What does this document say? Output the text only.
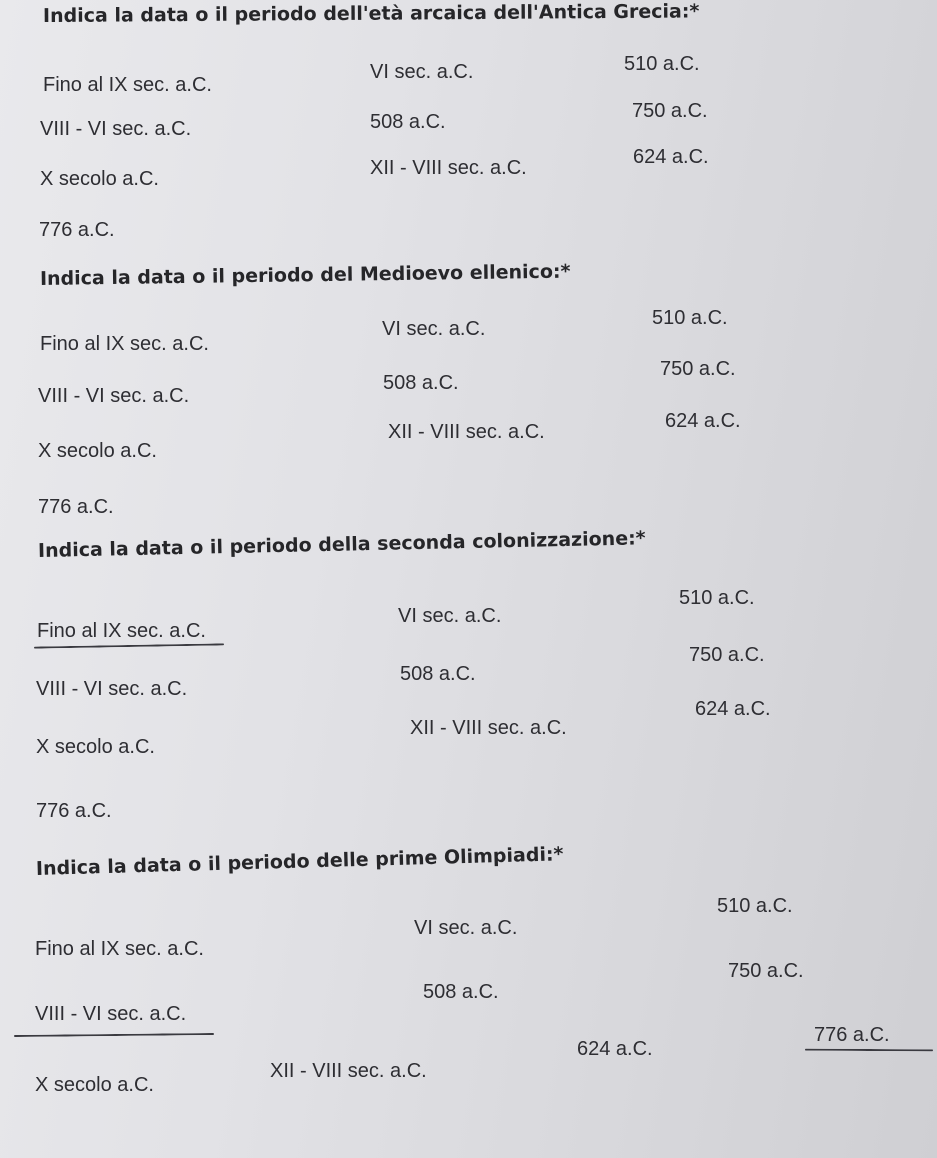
Indica la data o il periodo dell'età arcaica dell'Antica Grecia:*
Fino al IX sec. a.C.
VI sec. a.C.	510 a.C.
VIII - VI sec. a.C.	508 a.C.	750 a.C.
X secolo a.C.	XII - VIII sec. a.C.	624 a.C.
776 a.C.
Indica la data o il periodo del Medioevo ellenico:*
Fino al IX sec. a.C.
VI sec. a.C.	510 a.C.
VIII - VI sec. a.C.
508 a.C.
750 a.C.
X secolo a.C.
XII - VIII sec. a.C.	624 a.C.
776 a.C.
Indica la data o il periodo della seconda colonizzazione:*
Fino al IX sec. a.C.
VI sec. a.C.
510 a.C.
VIII - VI sec. a.C.
508 a.C.
750 a.C.
X secolo a.C.
XII - VIII sec. a.C.
624 a.C.
776 a.C.
Indica la data o il periodo delle prime Olimpiadi:*
Fino al IX sec. a.C.
VI sec. a.C.
510 a.C.
VIII - VI sec. a.C.
508 a.C.
750 a.C.
624 a.C.
776 a.C.
X secolo a.C.
XII - VIII sec. a.C.
